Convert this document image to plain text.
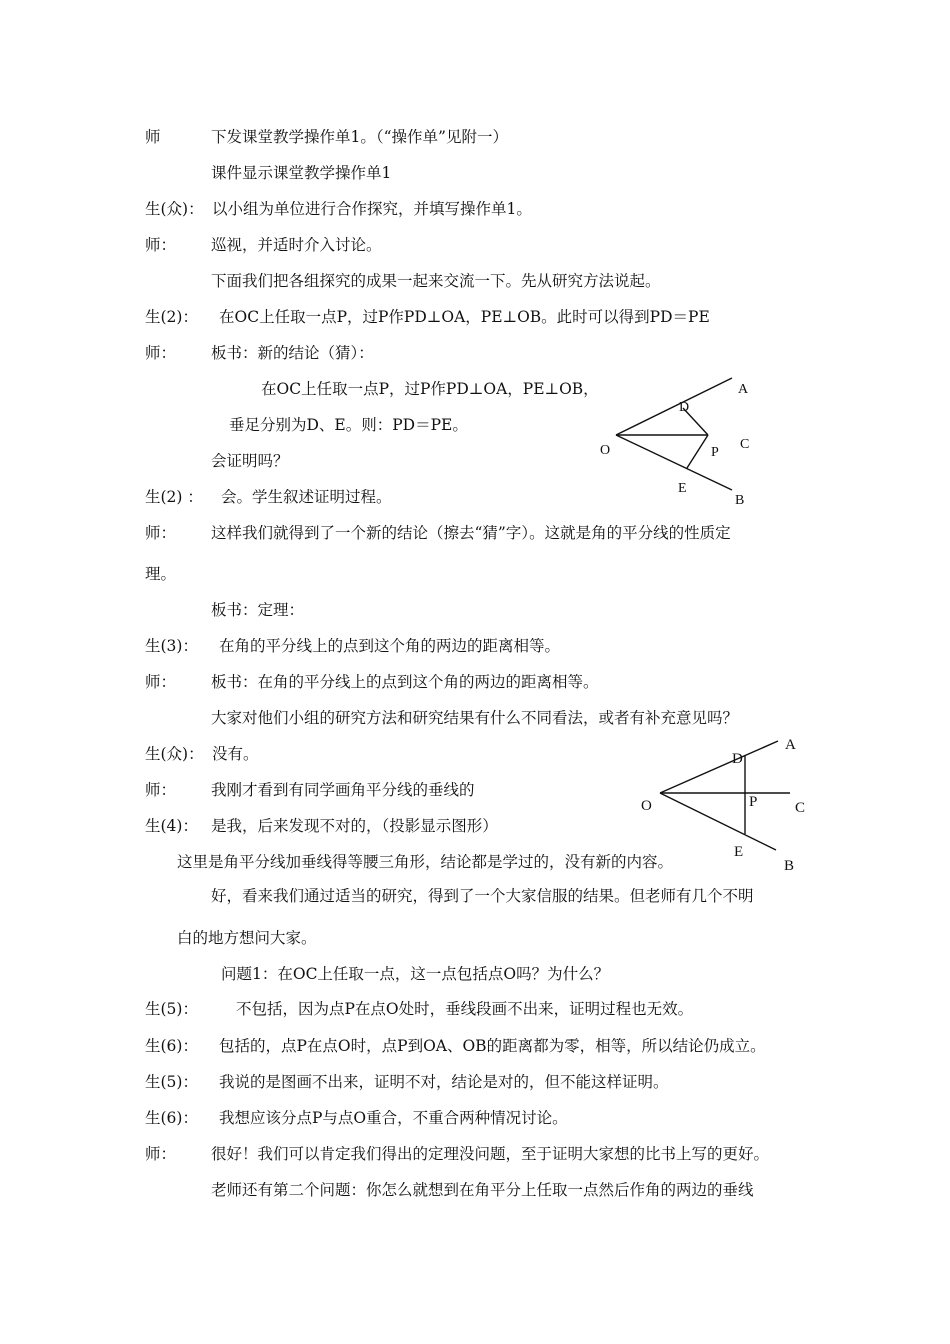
师	下发课堂教学操作单1。（“操作单”见附一）
课件显示课堂教学操作单1
生(众)： 以小组为单位进行合作探究，并填写操作单1。
师： 巡视，并适时介入讨论。
下面我们把各组探究的成果一起来交流一下。先从研究方法说起。
生(2)： 在OC上任取一点P，过P作PD⊥OA，PE⊥OB。此时可以得到PD＝PE
师： 板书：新的结论（猜）：
在OC上任取一点P，过P作PD⊥OA，PE⊥OB，
垂足分别为D、E。则：PD＝PE。
会证明吗？
生(2) ： 会。学生叙述证明过程。
师： 这样我们就得到了一个新的结论（擦去“猜”字）。这就是角的平分线的性质定
理。
板书：定理：
生(3)： 在角的平分线上的点到这个角的两边的距离相等。
师： 板书：在角的平分线上的点到这个角的两边的距离相等。
大家对他们小组的研究方法和研究结果有什么不同看法，或者有补充意见吗？
生(众)： 没有。
师： 我刚才看到有同学画角平分线的垂线的
生(4)： 是我，后来发现不对的，（投影显示图形）
这里是角平分线加垂线得等腰三角形，结论都是学过的，没有新的内容。
好，看来我们通过适当的研究，得到了一个大家信服的结果。但老师有几个不明
白的地方想问大家。
问题1：在OC上任取一点，这一点包括点O吗？为什么？
生(5)： 不包括，因为点P在点O处时，垂线段画不出来，证明过程也无效。
生(6)： 包括的，点P在点O时，点P到OA、OB的距离都为零，相等，所以结论仍成立。
生(5)： 我说的是图画不出来，证明不对，结论是对的，但不能这样证明。
生(6)： 我想应该分点P与点O重合，不重合两种情况讨论。
师： 很好！我们可以肯定我们得出的定理没问题，至于证明大家想的比书上写的更好。
老师还有第二个问题：你怎么就想到在角平分上任取一点然后作角的两边的垂线
A
D
C
O	P
E
B
A
D
O	P	C
E
B
